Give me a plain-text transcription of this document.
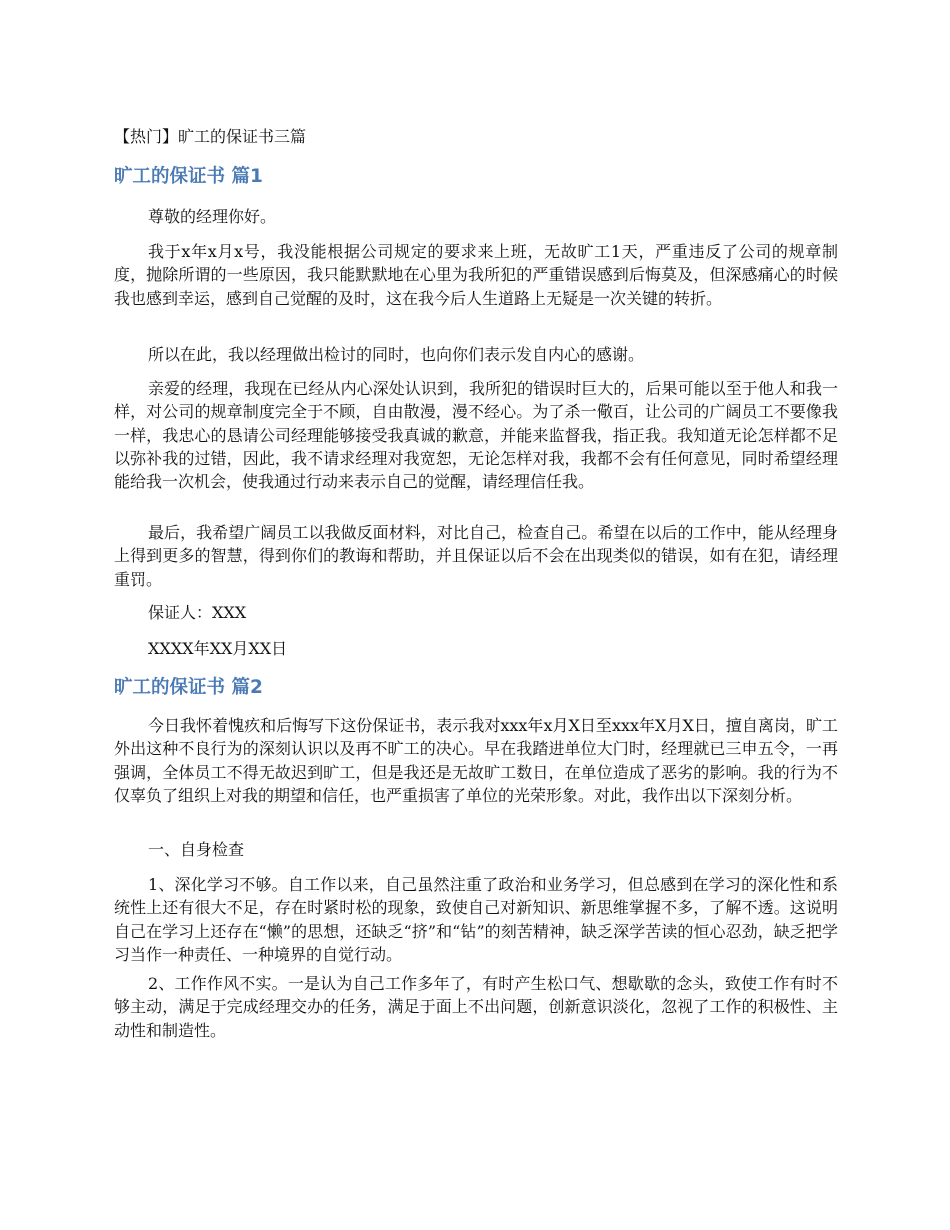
【热门】旷工的保证书三篇
旷工的保证书 篇1

尊敬的经理你好。

我于x年x月x号，我没能根据公司规定的要求来上班，无故旷工1天，严重违反了公司的规章制度，抛除所谓的一些原因，我只能默默地在心里为我所犯的严重错误感到后悔莫及，但深感痛心的时候我也感到幸运，感到自己觉醒的及时，这在我今后人生道路上无疑是一次关键的转折。

所以在此，我以经理做出检讨的同时，也向你们表示发自内心的感谢。

亲爱的经理，我现在已经从内心深处认识到，我所犯的错误时巨大的，后果可能以至于他人和我一样，对公司的规章制度完全于不顾，自由散漫，漫不经心。为了杀一儆百，让公司的广阔员工不要像我一样，我忠心的恳请公司经理能够接受我真诚的歉意，并能来监督我，指正我。我知道无论怎样都不足以弥补我的过错，因此，我不请求经理对我宽恕，无论怎样对我，我都不会有任何意见，同时希望经理能给我一次机会，使我通过行动来表示自己的觉醒，请经理信任我。

最后，我希望广阔员工以我做反面材料，对比自己，检查自己。希望在以后的工作中，能从经理身上得到更多的智慧，得到你们的教诲和帮助，并且保证以后不会在出现类似的错误，如有在犯，请经理重罚。

保证人：XXX

XXXX年XX月XX日

旷工的保证书 篇2

今日我怀着愧疚和后悔写下这份保证书，表示我对xxx年x月X日至xxx年X月X日，擅自离岗，旷工外出这种不良行为的深刻认识以及再不旷工的决心。早在我踏进单位大门时，经理就已三申五令，一再强调，全体员工不得无故迟到旷工，但是我还是无故旷工数日，在单位造成了恶劣的影响。我的行为不仅辜负了组织上对我的期望和信任，也严重损害了单位的光荣形象。对此，我作出以下深刻分析。

一、自身检查

1、深化学习不够。自工作以来，自己虽然注重了政治和业务学习，但总感到在学习的深化性和系统性上还有很大不足，存在时紧时松的现象，致使自己对新知识、新思维掌握不多，了解不透。这说明自己在学习上还存在“懒”的思想，还缺乏“挤”和“钻”的刻苦精神，缺乏深学苦读的恒心忍劲，缺乏把学习当作一种责任、一种境界的自觉行动。

2、工作作风不实。一是认为自己工作多年了，有时产生松口气、想歇歇的念头，致使工作有时不够主动，满足于完成经理交办的任务，满足于面上不出问题，创新意识淡化，忽视了工作的积极性、主动性和制造性。
